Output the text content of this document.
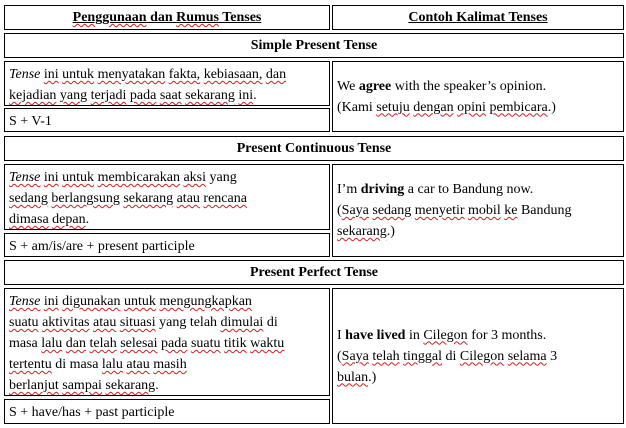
Penggunaan dan Rumus Tenses	Contoh Kalimat Tenses
Simple Present Tense
Tense ini untuk menyatakan fakta, kebiasaan, dan
kejadian yang terjadi pada saat sekarang ini.
We agree with the speaker’s opinion.
(Kami setuju dengan opini pembicara.)
S + V-1
Present Continuous Tense
Tense ini untuk membicarakan aksi yang
sedang berlangsung sekarang atau rencana
dimasa depan.
I’m driving a car to Bandung now.
(Saya sedang menyetir mobil ke Bandung
sekarang.)
S + am/is/are + present participle
Present Perfect Tense
Tense ini digunakan untuk mengungkapkan
suatu aktivitas atau situasi yang telah dimulai di
masa lalu dan telah selesai pada suatu titik waktu
tertentu di masa lalu atau masih
berlanjut sampai sekarang.
I have lived in Cilegon for 3 months.
(Saya telah tinggal di Cilegon selama 3
bulan.)
S + have/has + past participle
